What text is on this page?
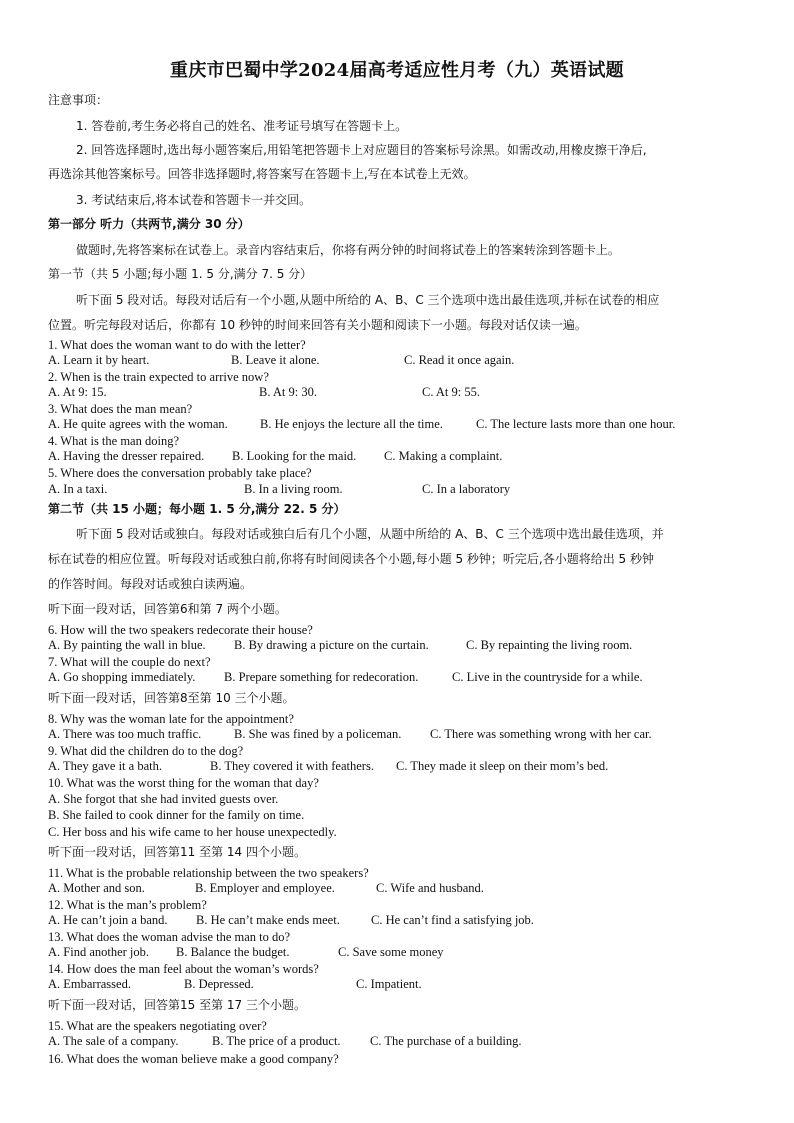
重庆市巴蜀中学2024届高考适应性月考（九）英语试题
注意事项：
1. 答卷前,考生务必将自己的姓名、准考证号填写在答题卡上。
2. 回答选择题时,选出每小题答案后,用铅笔把答题卡上对应题目的答案标号涂黑。如需改动,用橡皮擦干净后,
再选涂其他答案标号。回答非选择题时,将答案写在答题卡上,写在本试卷上无效。
3. 考试结束后,将本试卷和答题卡一并交回。
第一部分 听力（共两节,满分 30 分）
做题时,先将答案标在试卷上。录音内容结束后，你将有两分钟的时间将试卷上的答案转涂到答题卡上。
第一节（共 5 小题;每小题 1. 5 分,满分 7. 5 分）
听下面 5 段对话。每段对话后有一个小题,从题中所给的 A、B、C 三个选项中选出最佳选项,并标在试卷的相应
位置。听完每段对话后，你都有 10 秒钟的时间来回答有关小题和阅读下一小题。每段对话仅读一遍。
1. What does the woman want to do with the letter?
A. Learn it by heart.	B. Leave it alone.	C. Read it once again.
2. When is the train expected to arrive now?
A. At 9: 15.	B. At 9: 30.	C. At 9: 55.
3. What does the man mean?
A. He quite agrees with the woman.	B. He enjoys the lecture all the time.	C. The lecture lasts more than one hour.
4. What is the man doing?
A. Having the dresser repaired. B. Looking for the maid. C. Making a complaint.
5. Where does the conversation probably take place?
A. In a taxi.	B. In a living room.	C. In a laboratory
第二节（共 15 小题；每小题 1. 5 分,满分 22. 5 分）
听下面 5 段对话或独白。每段对话或独白后有几个小题，从题中所给的 A、B、C 三个选项中选出最佳选项，并
标在试卷的相应位置。听每段对话或独白前,你将有时间阅读各个小题,每小题 5 秒钟；听完后,各小题将给出 5 秒钟
的作答时间。每段对话或独白读两遍。
听下面一段对话，回答第6和第 7 两个小题。
6. How will the two speakers redecorate their house?
A. By painting the wall in blue. B. By drawing a picture on the curtain.	C. By repainting the living room.
7. What will the couple do next?
A. Go shopping immediately. B. Prepare something for redecoration.	C. Live in the countryside for a while.
听下面一段对话，回答第8至第 10 三个小题。
8. Why was the woman late for the appointment?
A. There was too much traffic.	B. She was fined by a policeman. C. There was something wrong with her car.
9. What did the children do to the dog?
A. They gave it a bath.	B. They covered it with feathers. C. They made it sleep on their mom’s bed.
10. What was the worst thing for the woman that day?
A. She forgot that she had invited guests over.
B. She failed to cook dinner for the family on time.
C. Her boss and his wife came to her house unexpectedly.
听下面一段对话，回答第11 至第 14 四个小题。
11. What is the probable relationship between the two speakers?
A. Mother and son.	B. Employer and employee.	C. Wife and husband.
12. What is the man’s problem?
A. He can’t join a band. B. He can’t make ends meet. C. He can’t find a satisfying job.
13. What does the woman advise the man to do?
A. Find another job. B. Balance the budget.	C. Save some money
14. How does the man feel about the woman’s words?
A. Embarrassed.	B. Depressed.	C. Impatient.
听下面一段对话，回答第15 至第 17 三个小题。
15. What are the speakers negotiating over?
A. The sale of a company.	B. The price of a product. C. The purchase of a building.
16. What does the woman believe make a good company?
